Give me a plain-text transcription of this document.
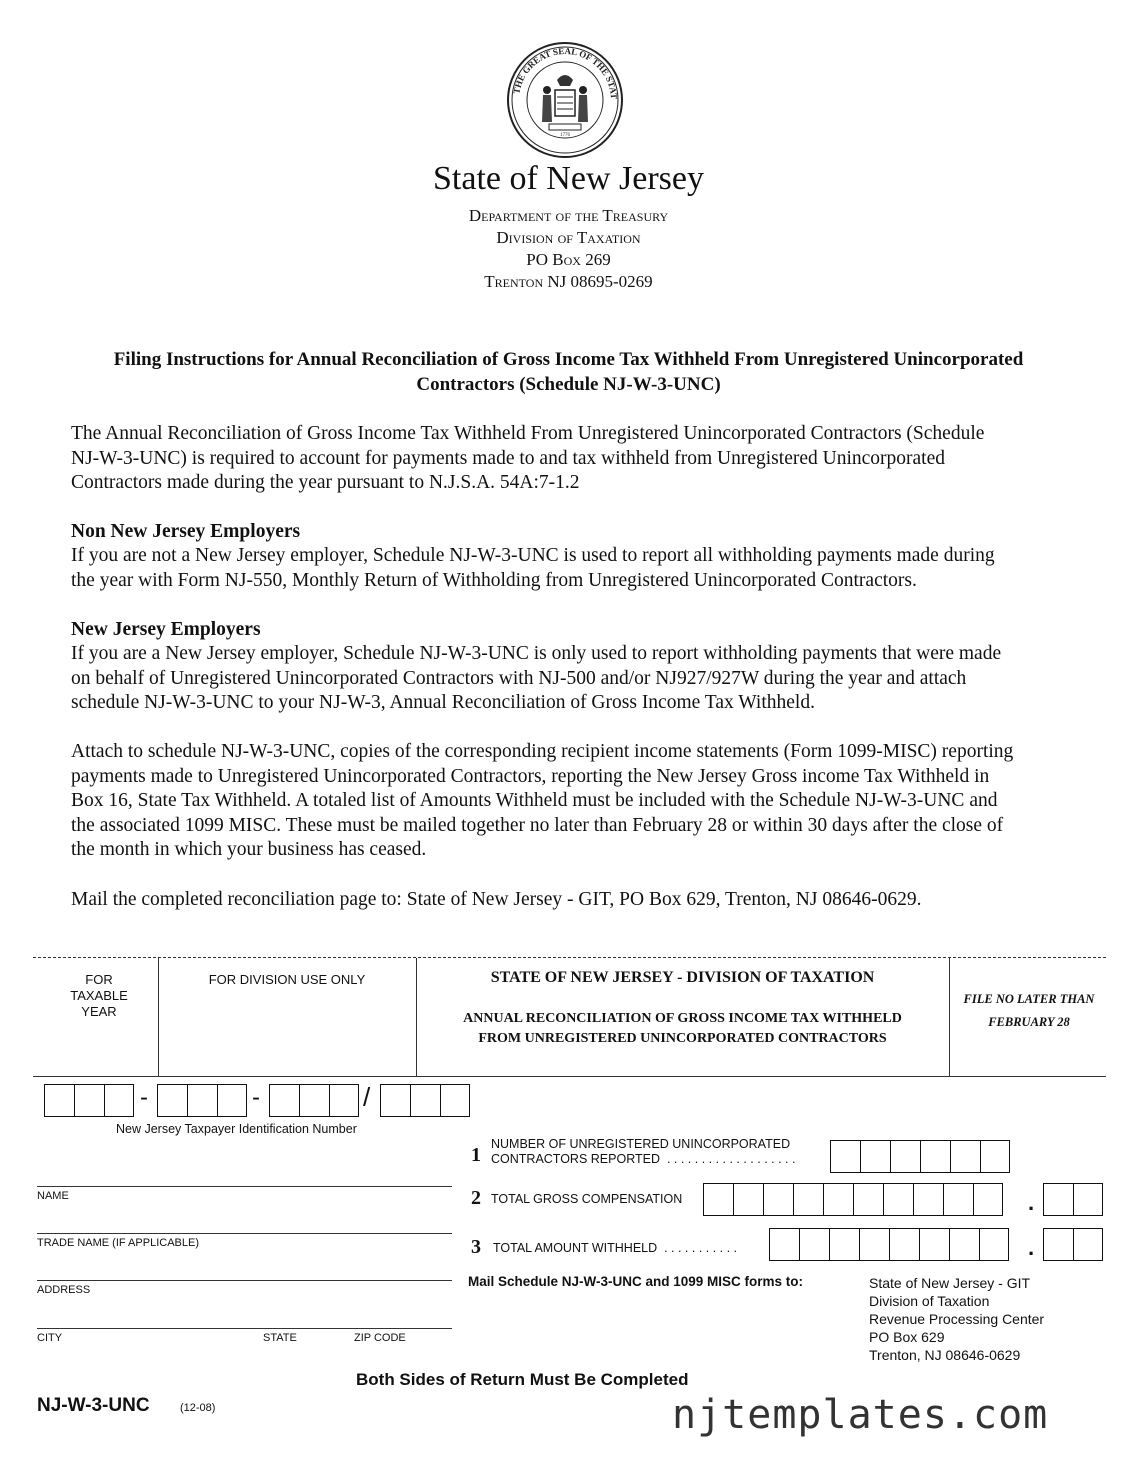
THE GREAT SEAL OF THE STAT
1776
State of New Jersey
Department of the Treasury
Division of Taxation
PO Box 269
Trenton NJ 08695-0269
Filing Instructions for Annual Reconciliation of Gross Income Tax Withheld From Unregistered Unincorporated
Contractors (Schedule NJ-W-3-UNC)
The Annual Reconciliation of Gross Income Tax Withheld From Unregistered Unincorporated Contractors (Schedule
NJ-W-3-UNC) is required to account for payments made to and tax withheld from Unregistered Unincorporated
Contractors made during the year pursuant to N.J.S.A. 54A:7-1.2
Non New Jersey Employers
If you are not a New Jersey employer, Schedule NJ-W-3-UNC is used to report all withholding payments made during
the year with Form NJ-550, Monthly Return of Withholding from Unregistered Unincorporated Contractors.
New Jersey Employers
If you are a New Jersey employer, Schedule NJ-W-3-UNC is only used to report withholding payments that were made
on behalf of Unregistered Unincorporated Contractors with NJ-500 and/or NJ927/927W during the year and attach
schedule NJ-W-3-UNC to your NJ-W-3, Annual Reconciliation of Gross Income Tax Withheld.
Attach to schedule NJ-W-3-UNC, copies of the corresponding recipient income statements (Form 1099-MISC) reporting
payments made to Unregistered Unincorporated Contractors, reporting the New Jersey Gross income Tax Withheld in
Box 16, State Tax Withheld. A totaled list of Amounts Withheld must be included with the Schedule NJ-W-3-UNC and
the associated 1099 MISC. These must be mailed together no later than February 28 or within 30 days after the close of
the month in which your business has ceased.
Mail the completed reconciliation page to: State of New Jersey - GIT, PO Box 629, Trenton, NJ 08646-0629.
FOR
TAXABLE
YEAR
FOR DIVISION USE ONLY	STATE OF NEW JERSEY - DIVISION OF TAXATION
ANNUAL RECONCILIATION OF GROSS INCOME TAX WITHHELD
FROM UNREGISTERED UNINCORPORATED CONTRACTORS
FILE NO LATER THAN
FEBRUARY 28
-	-	/
New Jersey Taxpayer Identification Number
NAME
TRADE NAME (IF APPLICABLE)
ADDRESS
CITY	STATE	ZIP CODE
1 NUMBER OF UNREGISTERED UNINCORPORATED
CONTRACTORS REPORTED  . . . . . . . . . . . . . . . . . . .
2 TOTAL GROSS COMPENSATION	.
3 TOTAL AMOUNT WITHHELD  . . . . . . . . . . .	.
Mail Schedule NJ-W-3-UNC and 1099 MISC forms to:	State of New Jersey - GIT
Division of Taxation
Revenue Processing Center
PO Box 629
Trenton, NJ 08646-0629
Both Sides of Return Must Be Completed
NJ-W-3-UNC	(12-08)	njtemplates.com
